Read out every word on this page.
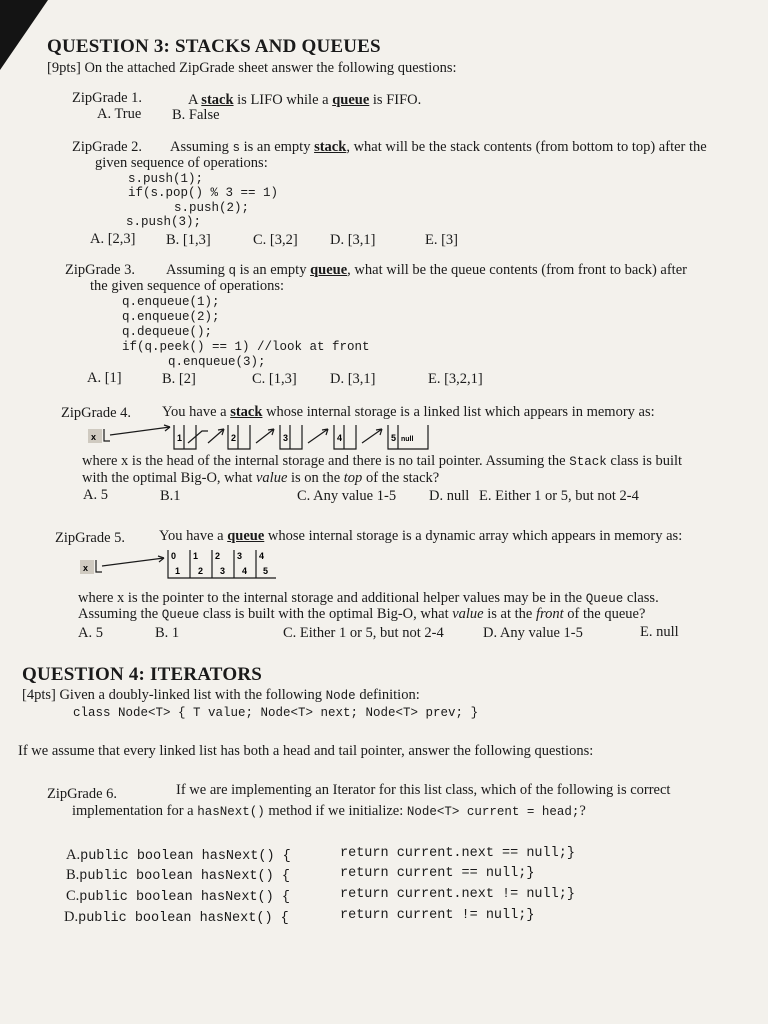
QUESTION 3: STACKS AND QUEUES
[9pts] On the attached ZipGrade sheet answer the following questions:
ZipGrade 1.	A stack is LIFO while a queue is FIFO.
A. True B. False
ZipGrade 2. Assuming s is an empty stack, what will be the stack contents (from bottom to top) after the
given sequence of operations:
s.push(1);
if(s.pop() % 3 == 1)
s.push(2);
s.push(3);
A. [2,3] B. [1,3]	C. [3,2] D. [3,1]	E. [3]
ZipGrade 3. Assuming q is an empty queue, what will be the queue contents (from front to back) after
the given sequence of operations:
q.enqueue(1);
q.enqueue(2);
q.dequeue();
if(q.peek() == 1) //look at front
q.enqueue(3);
A. [1]	B. [2]	C. [1,3] D. [3,1]	E. [3,2,1]
ZipGrade 4. You have a stack whose internal storage is a linked list which appears in memory as:
x	1	2	3	4	5 null
where x is the head of the internal storage and there is no tail pointer. Assuming the Stack class is built
with the optimal Big-O, what value is on the top of the stack?
A. 5	B.1	C. Any value 1-5 D. null E. Either 1 or 5, but not 2-4
ZipGrade 5. You have a queue whose internal storage is a dynamic array which appears in memory as:
x
0 1 2 3 4
1 2 3 4 5
where x is the pointer to the internal storage and additional helper values may be in the Queue class.
Assuming the Queue class is built with the optimal Big-O, what value is at the front of the queue?
A. 5	B. 1	C. Either 1 or 5, but not 2-4	D. Any value 1-5	E. null
QUESTION 4: ITERATORS
[4pts] Given a doubly-linked list with the following Node definition:
class Node<T> { T value; Node<T> next; Node<T> prev; }
If we assume that every linked list has both a head and tail pointer, answer the following questions:
ZipGrade 6.	If we are implementing an Iterator for this list class, which of the following is correct
implementation for a hasNext() method if we initialize: Node<T> current = head;?
A.public boolean hasNext() {	return current.next == null;}
B.public boolean hasNext() {	return current == null;}
C.public boolean hasNext() {	return current.next != null;}
D.public boolean hasNext() {	return current != null;}
